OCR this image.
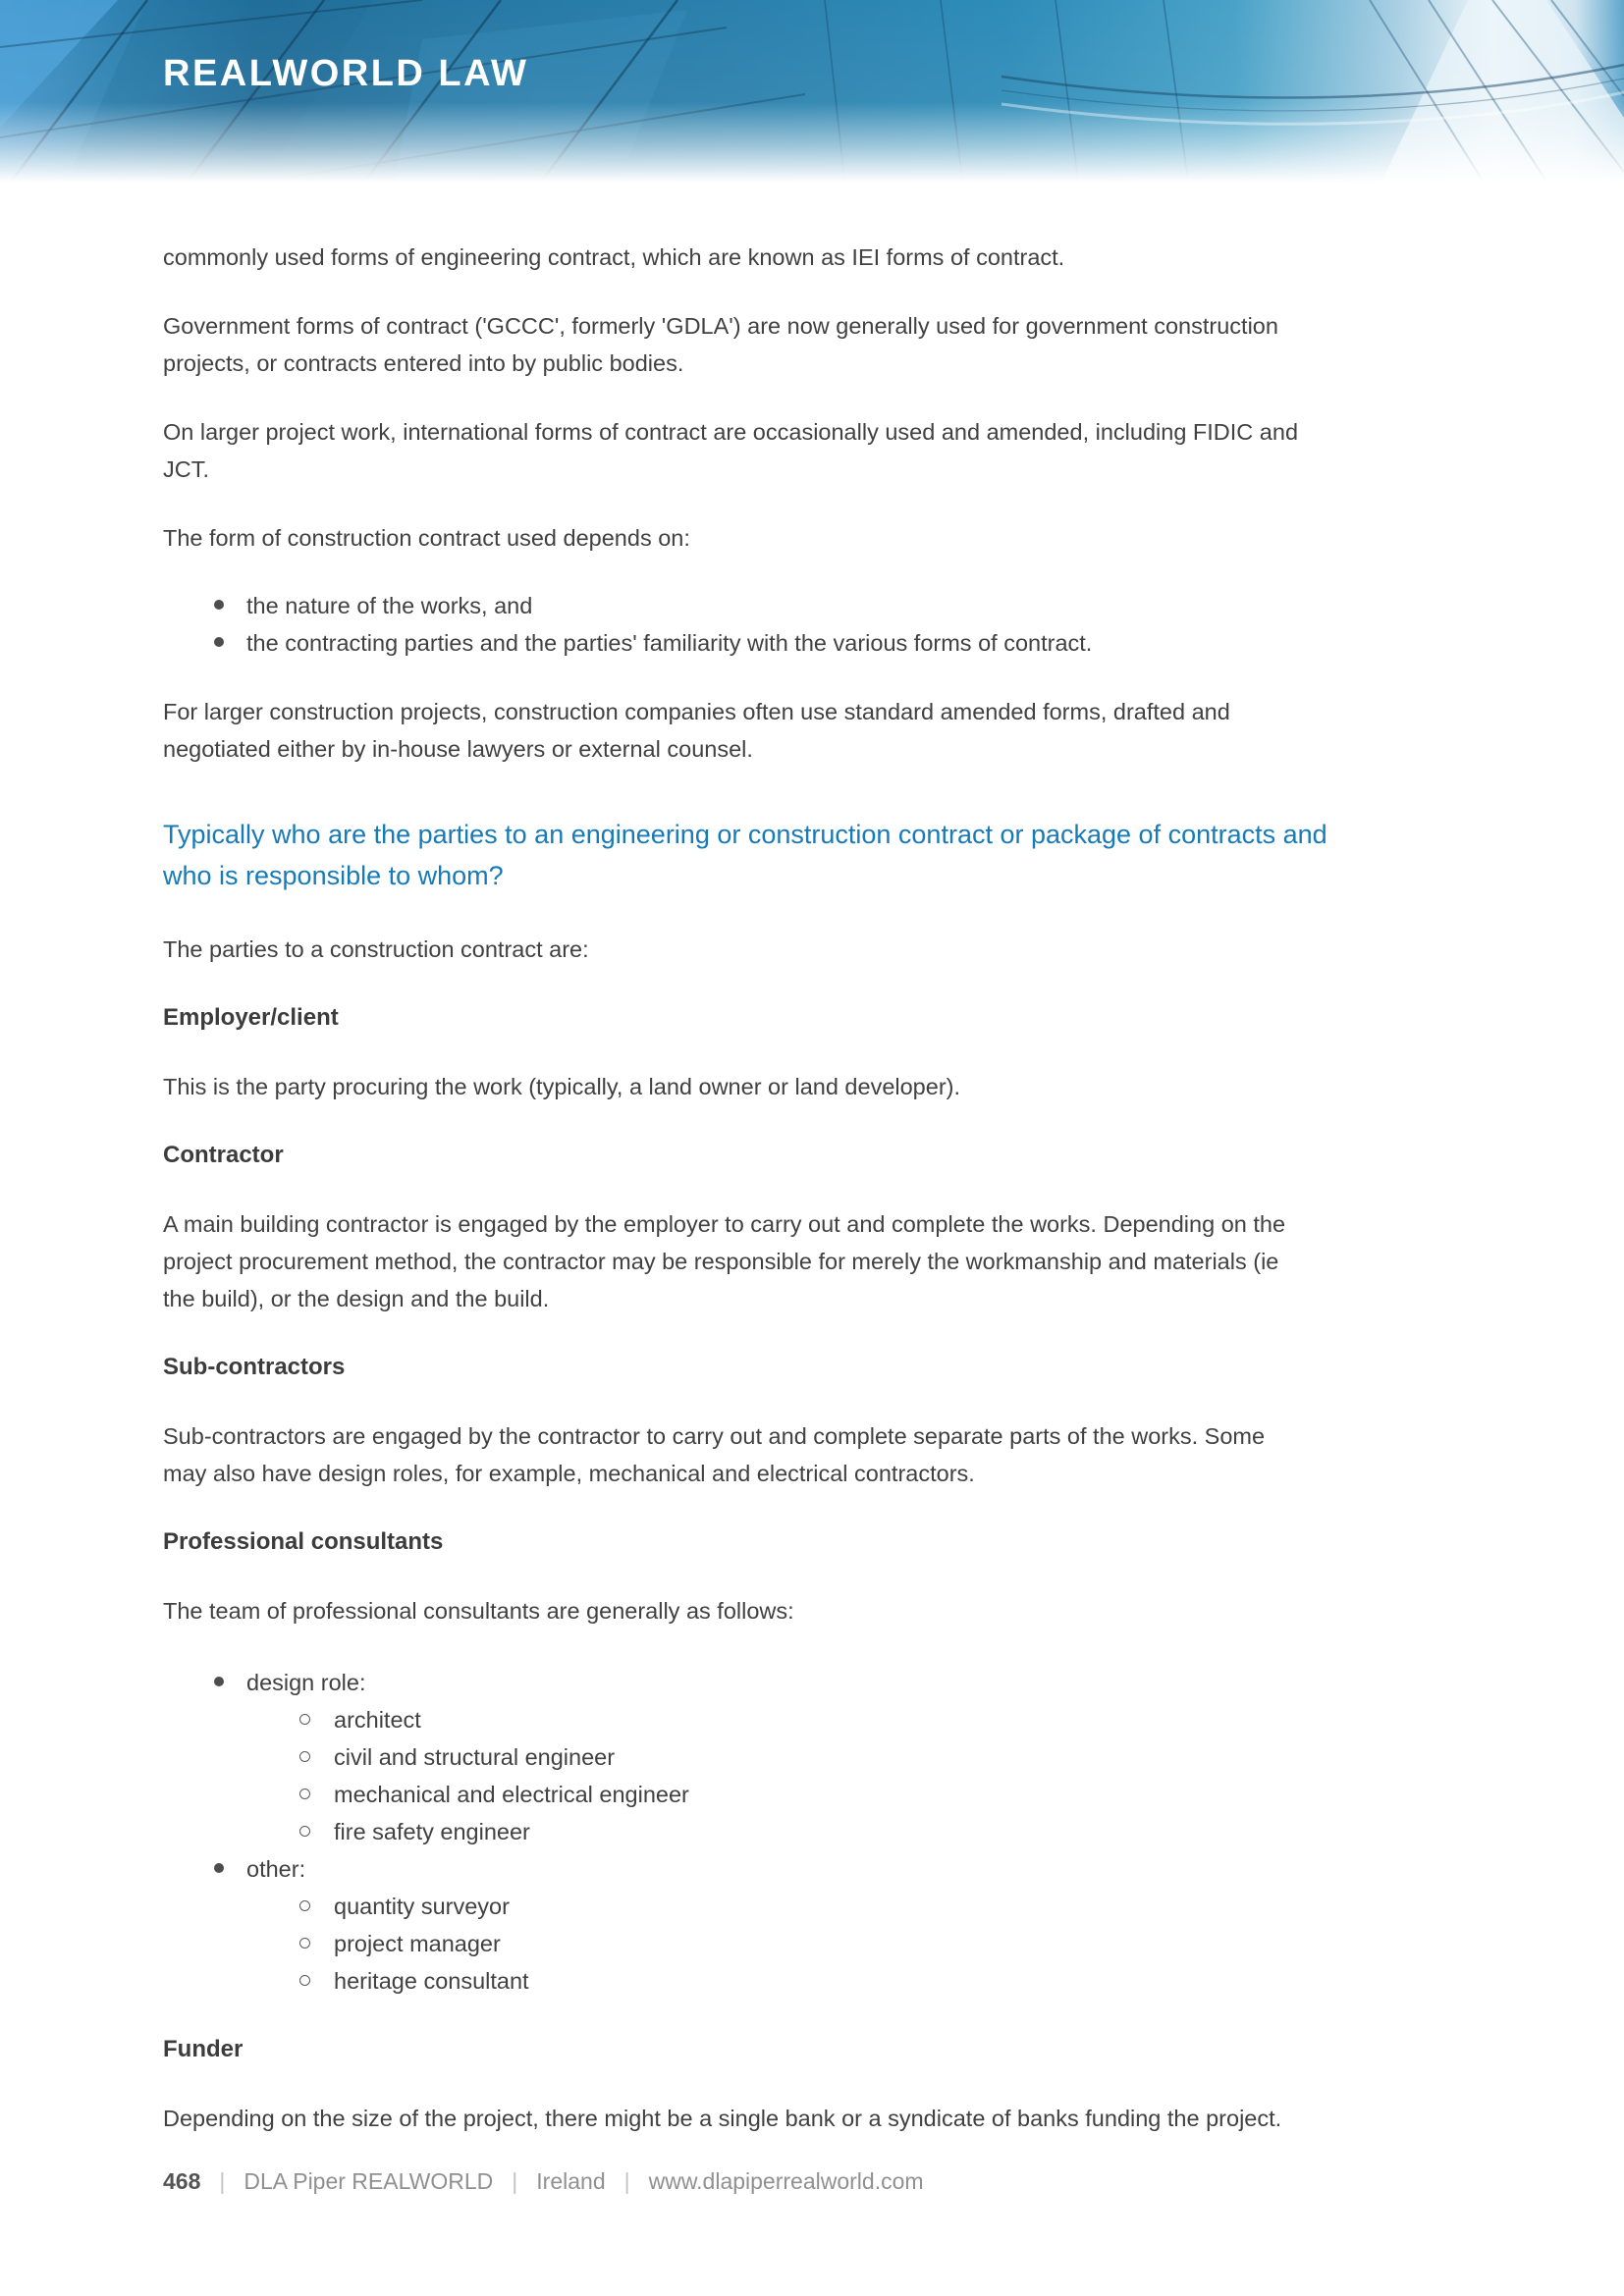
REALWORLD LAW
commonly used forms of engineering contract, which are known as IEI forms of contract.
Government forms of contract ('GCCC', formerly 'GDLA') are now generally used for government construction
projects, or contracts entered into by public bodies.
On larger project work, international forms of contract are occasionally used and amended, including FIDIC and
JCT.
The form of construction contract used depends on:
the nature of the works, and
the contracting parties and the parties' familiarity with the various forms of contract.
For larger construction projects, construction companies often use standard amended forms, drafted and
negotiated either by in-house lawyers or external counsel.
Typically who are the parties to an engineering or construction contract or package of contracts and
who is responsible to whom?
The parties to a construction contract are:
Employer/client
This is the party procuring the work (typically, a land owner or land developer).
Contractor
A main building contractor is engaged by the employer to carry out and complete the works. Depending on the
project procurement method, the contractor may be responsible for merely the workmanship and materials (ie
the build), or the design and the build.
Sub-contractors
Sub-contractors are engaged by the contractor to carry out and complete separate parts of the works. Some
may also have design roles, for example, mechanical and electrical contractors.
Professional consultants
The team of professional consultants are generally as follows:
design role:
architect
civil and structural engineer
mechanical and electrical engineer
fire safety engineer
other:
quantity surveyor
project manager
heritage consultant
Funder
Depending on the size of the project, there might be a single bank or a syndicate of banks funding the project.
468 | DLA Piper REALWORLD | Ireland | www.dlapiperrealworld.com
